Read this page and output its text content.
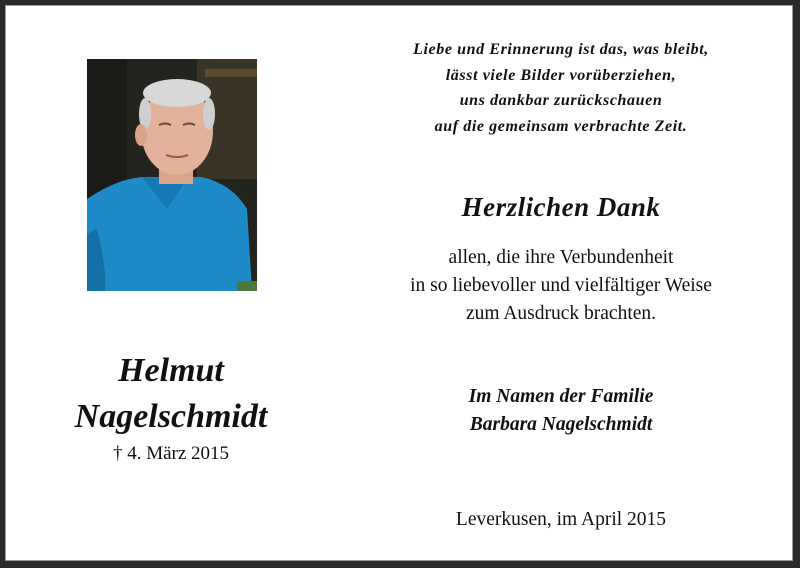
Helmut
Nagelschmidt
† 4. März 2015
Liebe und Erinnerung ist das, was bleibt,
lässt viele Bilder vorüberziehen,
uns dankbar zurückschauen
auf die gemeinsam verbrachte Zeit.
Herzlichen Dank
allen, die ihre Verbundenheit
in so liebevoller und vielfältiger Weise
zum Ausdruck brachten.
Im Namen der Familie
Barbara Nagelschmidt
Leverkusen, im April 2015
